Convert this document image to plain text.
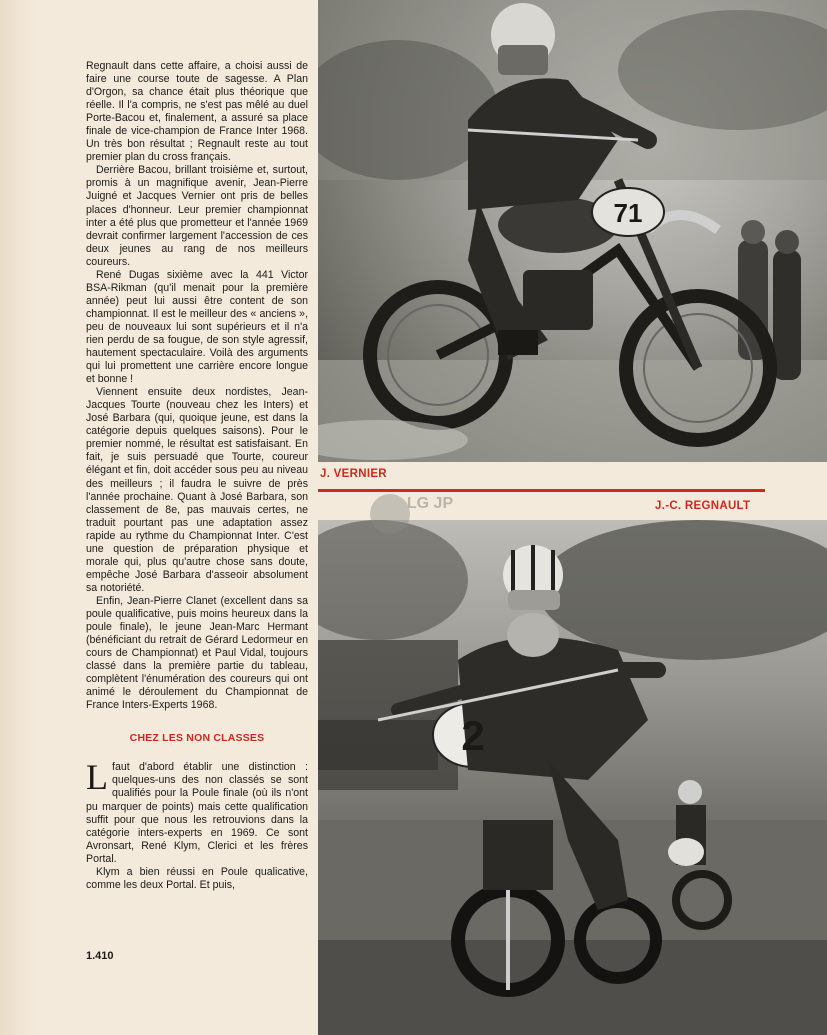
Regnault dans cette affaire, a choisi aussi de faire une course toute de sagesse. A Plan d'Orgon, sa chance était plus théorique que réelle. Il l'a compris, ne s'est pas mêlé au duel Porte-Bacou et, finalement, a assuré sa place finale de vice-champion de France Inter 1968. Un très bon résultat ; Regnault reste au tout premier plan du cross français.

Derrière Bacou, brillant troisième et, surtout, promis à un magnifique avenir, Jean-Pierre Juigné et Jacques Vernier ont pris de belles places d'honneur. Leur premier championnat inter a été plus que prometteur et l'année 1969 devrait confirmer largement l'accession de ces deux jeunes au rang de nos meilleurs coureurs.

René Dugas sixième avec la 441 Victor BSA-Rikman (qu'il menait pour la première année) peut lui aussi être content de son championnat. Il est le meilleur des « anciens », peu de nouveaux lui sont supérieurs et il n'a rien perdu de sa fougue, de son style agressif, hautement spectaculaire. Voilà des arguments qui lui promettent une carrière encore longue et bonne !

Viennent ensuite deux nordistes, Jean-Jacques Tourte (nouveau chez les Inters) et José Barbara (qui, quoique jeune, est dans la catégorie depuis quelques saisons). Pour le premier nommé, le résultat est satisfaisant. En fait, je suis persuadé que Tourte, coureur élégant et fin, doit accéder sous peu au niveau des meilleurs ; il faudra le suivre de près l'année prochaine. Quant à José Barbara, son classement de 8e, pas mauvais certes, ne traduit pourtant pas une adaptation assez rapide au rythme du Championnat Inter. C'est une question de préparation physique et morale qui, plus qu'autre chose sans doute, empêche José Barbara d'asseoir absolument sa notoriété.

Enfin, Jean-Pierre Clanet (excellent dans sa poule qualificative, puis moins heureux dans la poule finale), le jeune Jean-Marc Hermant (bénéficiant du retrait de Gérard Ledormeur en cours de Championnat) et Paul Vidal, toujours classé dans la première partie du tableau, complètent l'énumération des coureurs qui ont animé le déroulement du Championnat de France Inters-Experts 1968.

CHEZ LES NON CLASSES

L faut d'abord établir une distinction : quelques-uns des non classés se sont qualifiés pour la Poule finale (où ils n'ont pu marquer de points) mais cette qualification suffit pour que nous les retrouvions dans la catégorie inters-experts en 1969. Ce sont Avronsart, René Klym, Clerici et les frères Portal.

Klym a bien réussi en Poule qualicative, comme les deux Portal. Et puis,

1.410
71
J. VERNIER
J.-C. REGNAULT
2
LG JP
